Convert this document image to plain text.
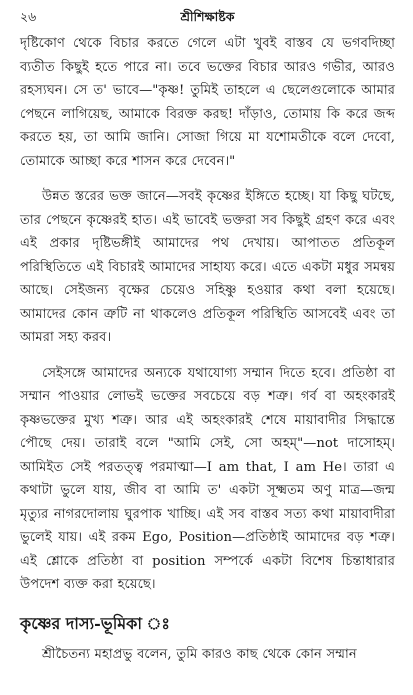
২৬	শ্রীশিক্ষাষ্টক

দৃষ্টিকোণ থেকে বিচার করতে গেলে এটা খুবই বাস্তব যে ভগবদিচ্ছা ব্যতীত কিছুই হতে পারে না। তবে ভক্তের বিচার আরও গভীর, আরও রহস্যঘন। সে ত' ভাবে—"কৃষ্ণ! তুমিই তাহলে এ ছেলেগুলোকে আমার পেছনে লাগিয়েছ, আমাকে বিরক্ত করছ! দাঁড়াও, তোমায় কি করে জব্দ করতে হয়, তা আমি জানি। সোজা গিয়ে মা যশোমতীকে বলে দেবো, তোমাকে আচ্ছা করে শাসন করে দেবেন।"

উন্নত স্তরের ভক্ত জানে—সবই কৃষ্ণের ইঙ্গিতে হচ্ছে। যা কিছু ঘটছে, তার পেছনে কৃষ্ণেরই হাত। এই ভাবেই ভক্তরা সব কিছুই গ্রহণ করে এবং এই প্রকার দৃষ্টিভঙ্গীই আমাদের পথ দেখায়। আপাতত প্রতিকূল পরিস্থিতিতে এই বিচারই আমাদের সাহায্য করে। এতে একটা মধুর সমন্বয় আছে। সেইজন্য বৃক্ষের চেয়েও সহিষ্ণু হওয়ার কথা বলা হয়েছে। আমাদের কোন ত্রুটি না থাকলেও প্রতিকূল পরিস্থিতি আসবেই এবং তা আমরা সহ্য করব।

সেইসঙ্গে আমাদের অন্যকে যথাযোগ্য সম্মান দিতে হবে। প্রতিষ্ঠা বা সম্মান পাওয়ার লোভই ভক্তের সবচেয়ে বড় শত্রু। গর্ব বা অহংকারই কৃষ্ণভক্তের মুখ্য শত্রু। আর এই অহংকারই শেষে মায়াবাদীর সিদ্ধান্তে পৌছে দেয়। তারাই বলে "আমি সেই, সো অহম্"—not দাসোহম্। আমিইত সেই পরতত্ত্ব পরমাত্মা—I am that, I am He। তারা এ কথাটা ভুলে যায়, জীব বা আমি ত' একটা সূক্ষ্মতম অণু মাত্র—জন্ম মৃত্যুর নাগরদোলায় ঘুরপাক খাচ্ছি। এই সব বাস্তব সত্য কথা মায়াবাদীরা ভুলেই যায়। এই রকম Ego, Position—প্রতিষ্ঠাই আমাদের বড় শত্রু। এই শ্লোকে প্রতিষ্ঠা বা position সম্পর্কে একটা বিশেষ চিন্তাধারার উপদেশ ব্যক্ত করা হয়েছে।

কৃষ্ণের দাস্য-ভূমিকা ঃ

শ্রীচৈতন্য মহাপ্রভু বলেন, তুমি কারও কাছ থেকে কোন সম্মান
